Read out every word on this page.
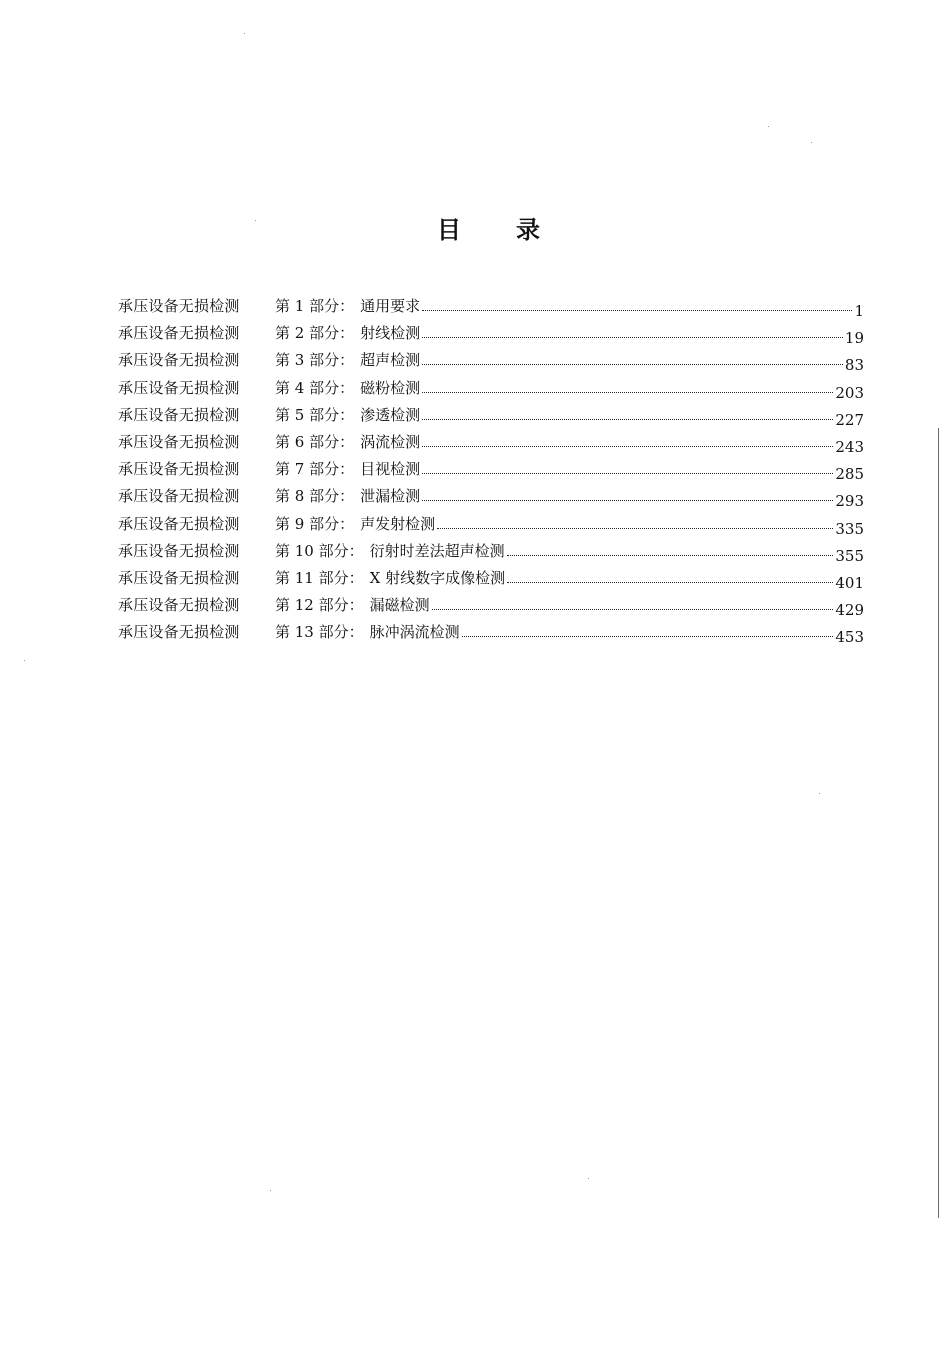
目 录
承压设备无损检测 第 1 部分： 通用要求	1
承压设备无损检测 第 2 部分： 射线检测	19
承压设备无损检测 第 3 部分： 超声检测	83
承压设备无损检测 第 4 部分： 磁粉检测	203
承压设备无损检测 第 5 部分： 渗透检测	227
承压设备无损检测 第 6 部分： 涡流检测	243
承压设备无损检测 第 7 部分： 目视检测	285
承压设备无损检测 第 8 部分： 泄漏检测	293
承压设备无损检测 第 9 部分： 声发射检测	335
承压设备无损检测 第 10 部分： 衍射时差法超声检测	355
承压设备无损检测 第 11 部分： X 射线数字成像检测	401
承压设备无损检测 第 12 部分： 漏磁检测	429
承压设备无损检测 第 13 部分： 脉冲涡流检测	453
